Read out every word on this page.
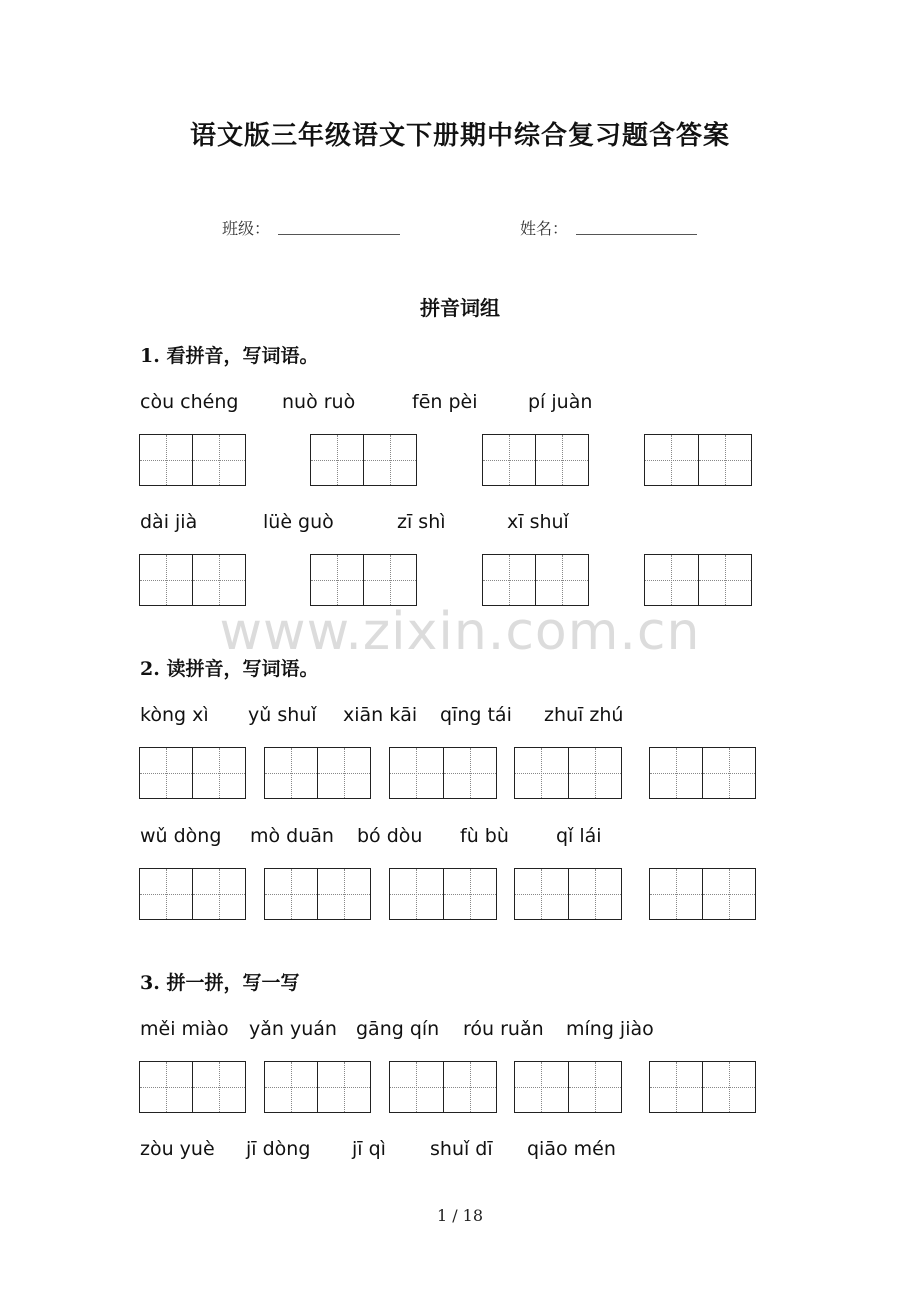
语文版三年级语文下册期中综合复习题含答案
班级：	姓名：
拼音词组
1. 看拼音，写词语。
còu chéng nuò ruò	fēn pèi	pí juàn
dài jià	lüè guò	zī shì	xī shuǐ
www.zixin.com.cn
2. 读拼音，写词语。
kòng xì yǔ shuǐ xiān kāi qīng tái zhuī zhú
wǔ dòng mò duān bó dòu fù bù qǐ lái
3. 拼一拼，写一写
měi miào yǎn yuán gāng qín róu ruǎn míng jiào
zòu yuè jī dòng jī qì shuǐ dī qiāo mén
1 / 18
